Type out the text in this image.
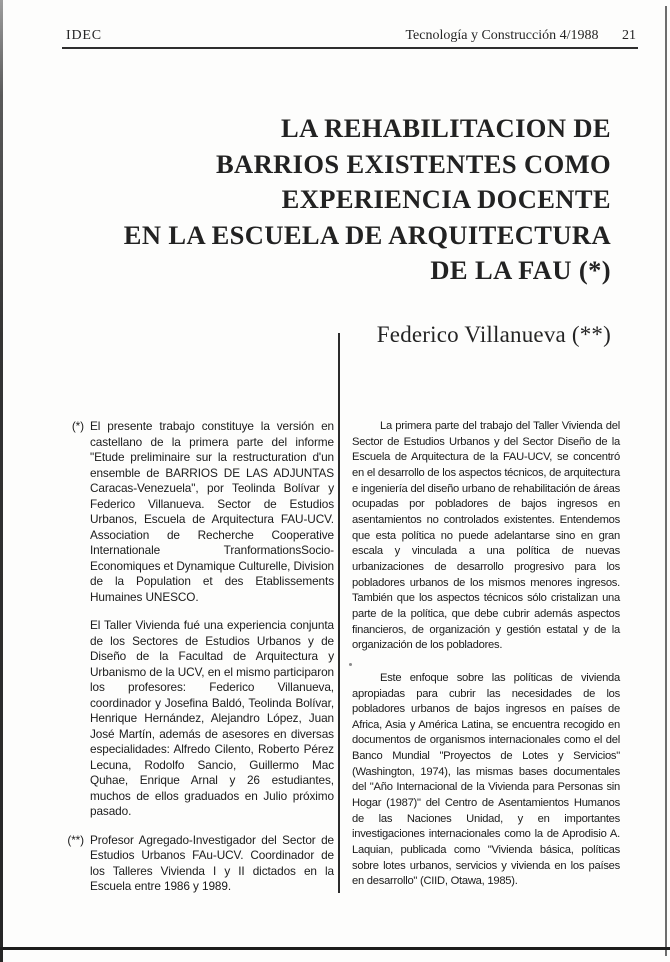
IDEC	Tecnología y Construcción 4/1988 21
LA REHABILITACION DE
BARRIOS EXISTENTES COMO
EXPERIENCIA DOCENTE
EN LA ESCUELA DE ARQUITECTURA
DE LA FAU (*)
Federico Villanueva (**)
(*) El presente trabajo constituye la versión en castellano de la primera parte del informe "Etude preliminaire sur la restructuration d'un ensemble de BARRIOS DE LAS ADJUNTAS Caracas-Venezuela", por Teolinda Bolívar y Federico Villanueva. Sector de Estudios Urbanos, Escuela de Arquitectura FAU-UCV. Association de Recherche Cooperative Internationale TranformationsSocio-Economiques et Dynamique Culturelle, Division de la Population et des Etablissements Humaines UNESCO.
El Taller Vivienda fué una experiencia conjunta de los Sectores de Estudios Urbanos y de Diseño de la Facultad de Arquitectura y Urbanismo de la UCV, en el mismo participaron los profesores: Federico Villanueva, coordinador y Josefina Baldó, Teolinda Bolívar, Henrique Hernández, Alejandro López, Juan José Martín, además de asesores en diversas especialidades: Alfredo Cilento, Roberto Pérez Lecuna, Rodolfo Sancio, Guillermo Mac Quhae, Enrique Arnal y 26 estudiantes, muchos de ellos graduados en Julio próximo pasado.
(**) Profesor Agregado-Investigador del Sector de Estudios Urbanos FAu-UCV. Coordinador de los Talleres Vivienda I y II dictados en la Escuela entre 1986 y 1989.

La primera parte del trabajo del Taller Vivienda del Sector de Estudios Urbanos y del Sector Diseño de la Escuela de Arquitectura de la FAU-UCV, se concentró en el desarrollo de los aspectos técnicos, de arquitectura e ingeniería del diseño urbano de rehabilitación de áreas ocupadas por pobladores de bajos ingresos en asentamientos no controlados existentes. Entendemos que esta política no puede adelantarse sino en gran escala y vinculada a una política de nuevas urbanizaciones de desarrollo progresivo para los pobladores urbanos de los mismos menores ingresos. También que los aspectos técnicos sólo cristalizan una parte de la política, que debe cubrir además aspectos financieros, de organización y gestión estatal y de la organización de los pobladores.

Este enfoque sobre las políticas de vivienda apropiadas para cubrir las necesidades de los pobladores urbanos de bajos ingresos en países de Africa, Asia y América Latina, se encuentra recogido en documentos de organismos internacionales como el del Banco Mundial "Proyectos de Lotes y Servicios" (Washington, 1974), las mismas bases documentales del "Año Internacional de la Vivienda para Personas sin Hogar (1987)" del Centro de Asentamientos Humanos de las Naciones Unidad, y en importantes investigaciones internacionales como la de Aprodisio A. Laquian, publicada como "Vivienda básica, políticas sobre lotes urbanos, servicios y vivienda en los países en desarrollo" (CIID, Otawa, 1985).
